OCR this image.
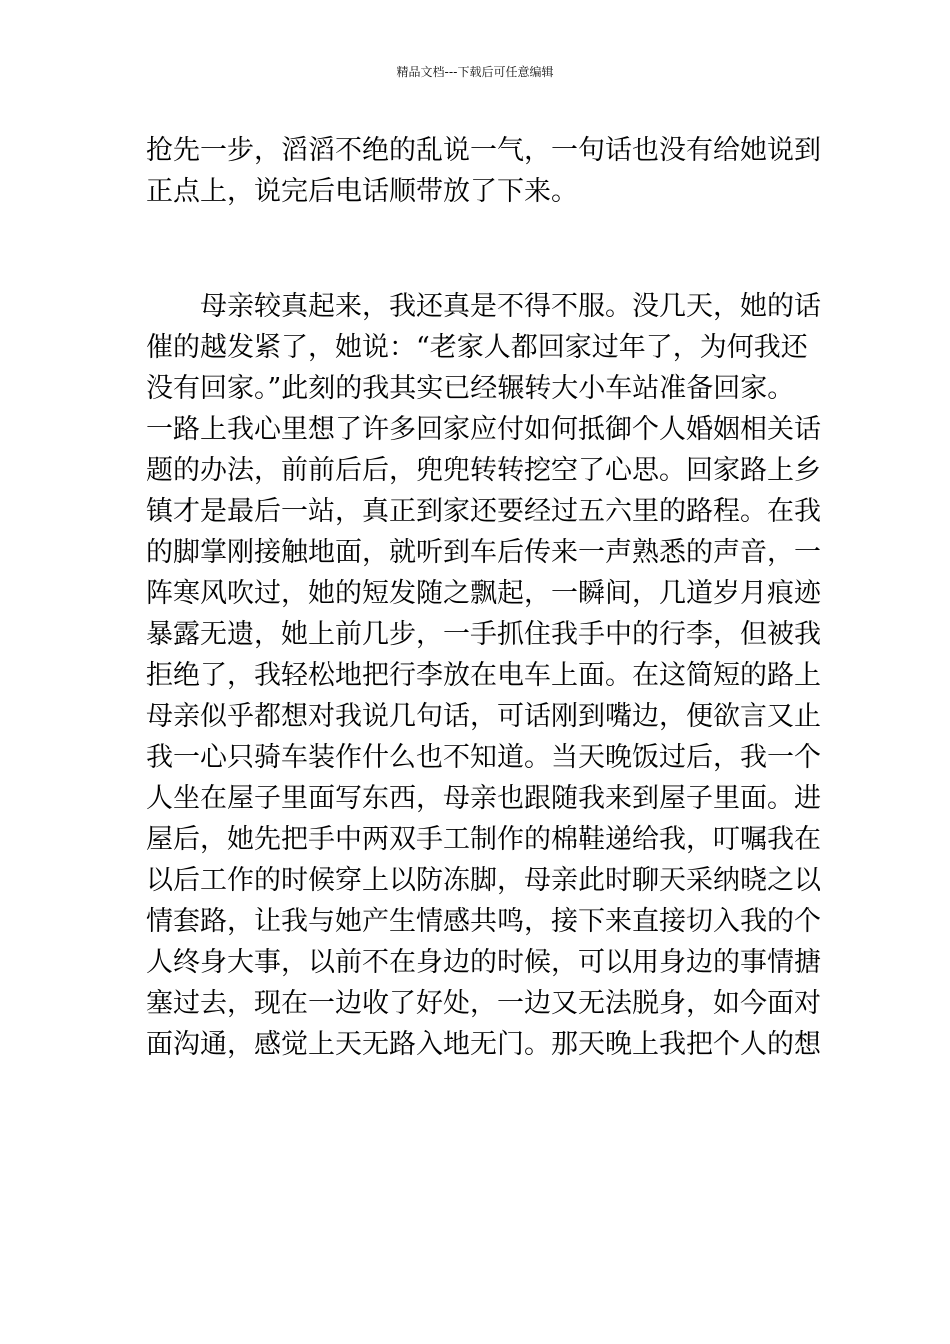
精品文档---下载后可任意编辑

抢先一步，滔滔不绝的乱说一气，一句话也没有给她说到
正点上，说完后电话顺带放了下来。

　　母亲较真起来，我还真是不得不服。没几天，她的话
催的越发紧了，她说：“老家人都回家过年了，为何我还
没有回家。”此刻的我其实已经辗转大小车站准备回家。
一路上我心里想了许多回家应付如何抵御个人婚姻相关话
题的办法，前前后后，兜兜转转挖空了心思。回家路上乡
镇才是最后一站，真正到家还要经过五六里的路程。在我
的脚掌刚接触地面，就听到车后传来一声熟悉的声音，一
阵寒风吹过，她的短发随之飘起，一瞬间，几道岁月痕迹
暴露无遗，她上前几步，一手抓住我手中的行李，但被我
拒绝了，我轻松地把行李放在电车上面。在这简短的路上
母亲似乎都想对我说几句话，可话刚到嘴边，便欲言又止
我一心只骑车装作什么也不知道。当天晚饭过后，我一个
人坐在屋子里面写东西，母亲也跟随我来到屋子里面。进
屋后，她先把手中两双手工制作的棉鞋递给我，叮嘱我在
以后工作的时候穿上以防冻脚，母亲此时聊天采纳晓之以
情套路，让我与她产生情感共鸣，接下来直接切入我的个
人终身大事，以前不在身边的时候，可以用身边的事情搪
塞过去，现在一边收了好处，一边又无法脱身，如今面对
面沟通，感觉上天无路入地无门。那天晚上我把个人的想
